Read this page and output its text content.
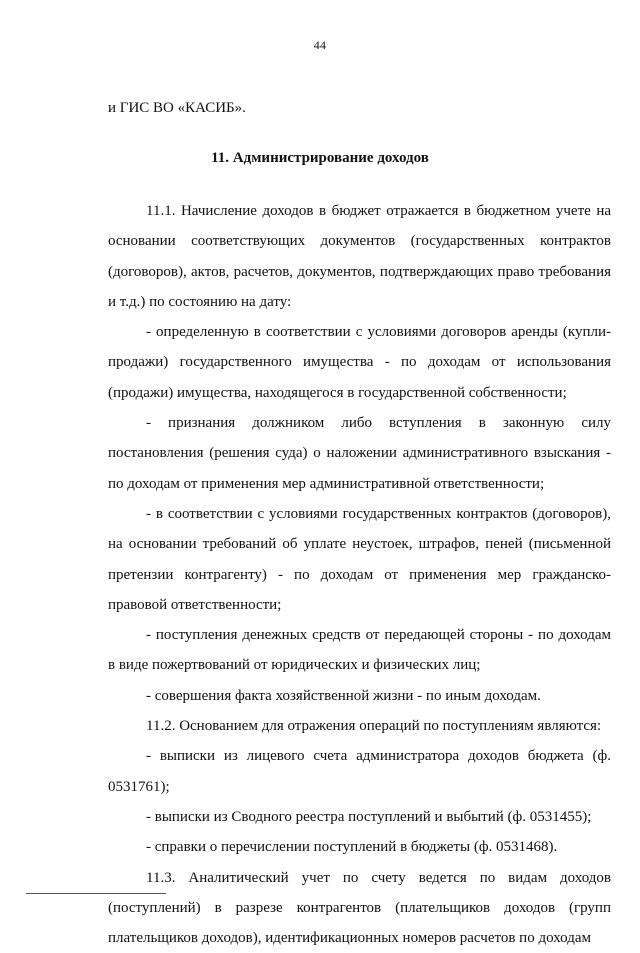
44
и ГИС ВО «КАСИБ».
11. Администрирование доходов

11.1. Начисление доходов в бюджет отражается в бюджетном учете на основании соответствующих документов (государственных контрактов (договоров), актов, расчетов, документов, подтверждающих право требования и т.д.) по состоянию на дату:

- определенную в соответствии с условиями договоров аренды (купли-продажи) государственного имущества - по доходам от использования (продажи) имущества, находящегося в государственной собственности;

- признания должником либо вступления в законную силу постановления (решения суда) о наложении административного взыскания - по доходам от применения мер административной ответственности;

- в соответствии с условиями государственных контрактов (договоров), на основании требований об уплате неустоек, штрафов, пеней (письменной претензии контрагенту) - по доходам от применения мер гражданско-правовой ответственности;

- поступления денежных средств от передающей стороны - по доходам в виде пожертвований от юридических и физических лиц;

- совершения факта хозяйственной жизни - по иным доходам.

11.2. Основанием для отражения операций по поступлениям являются:

- выписки из лицевого счета администратора доходов бюджета (ф. 0531761);

- выписки из Сводного реестра поступлений и выбытий (ф. 0531455);

- справки о перечислении поступлений в бюджеты (ф. 0531468).

11.3. Аналитический учет по счету ведется по видам доходов (поступлений) в разрезе контрагентов (плательщиков доходов (групп плательщиков доходов), идентификационных номеров расчетов по доходам
